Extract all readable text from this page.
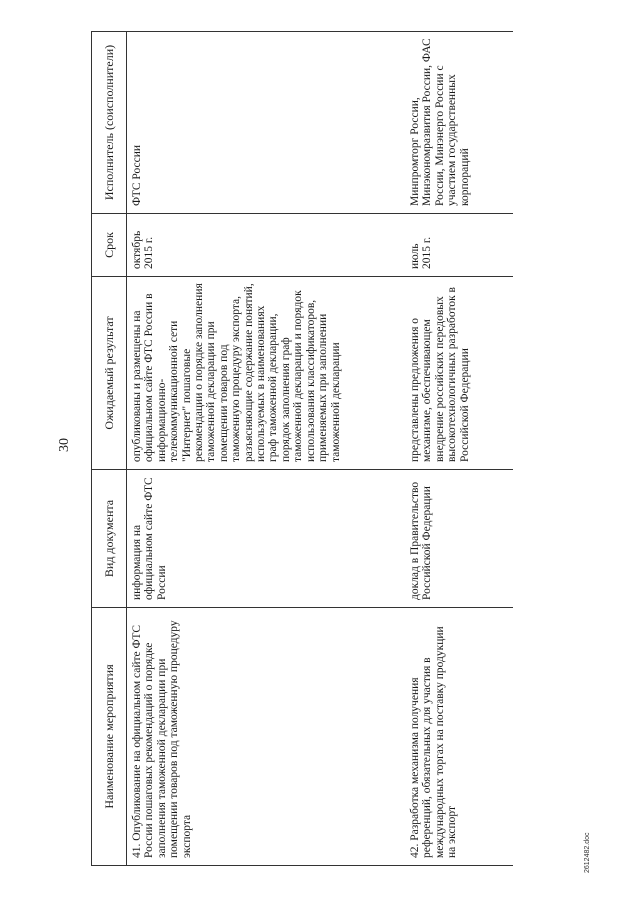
30
Наименование мероприятия	Вид документа	Ожидаемый результат	Срок	Исполнитель (соисполнители)
41. Опубликование на официальном сайте ФТС России пошаговых рекомендаций о порядке заполнения таможенной декларации при помещении товаров под таможенную процедуру экспорта	информация на официальном сайте ФТС России	опубликованы и размещены на официальном сайте ФТС России в информационно-телекоммуникационной сети "Интернет" пошаговые рекомендации о порядке заполнения таможенной декларации при помещении товаров под таможенную процедуру экспорта, разъясняющие содержание понятий, используемых в наименованиях граф таможенной декларации, порядок заполнения граф таможенной декларации и порядок использования классификаторов, применяемых при заполнении таможенной декларации	октябрь 2015 г.	ФТС России
42. Разработка механизма получения референций, обязательных для участия в международных торгах на поставку продукции на экспорт	доклад в Правительство Российской Федерации	представлены предложения о механизме, обеспечивающем внедрение российских передовых высокотехнологичных разработок в Российской Федерации	июль 2015 г.	Минпромторг России, Минэкономразвития России, ФАС России, Минэнерго России с участием государственных корпораций
2612482.doc
